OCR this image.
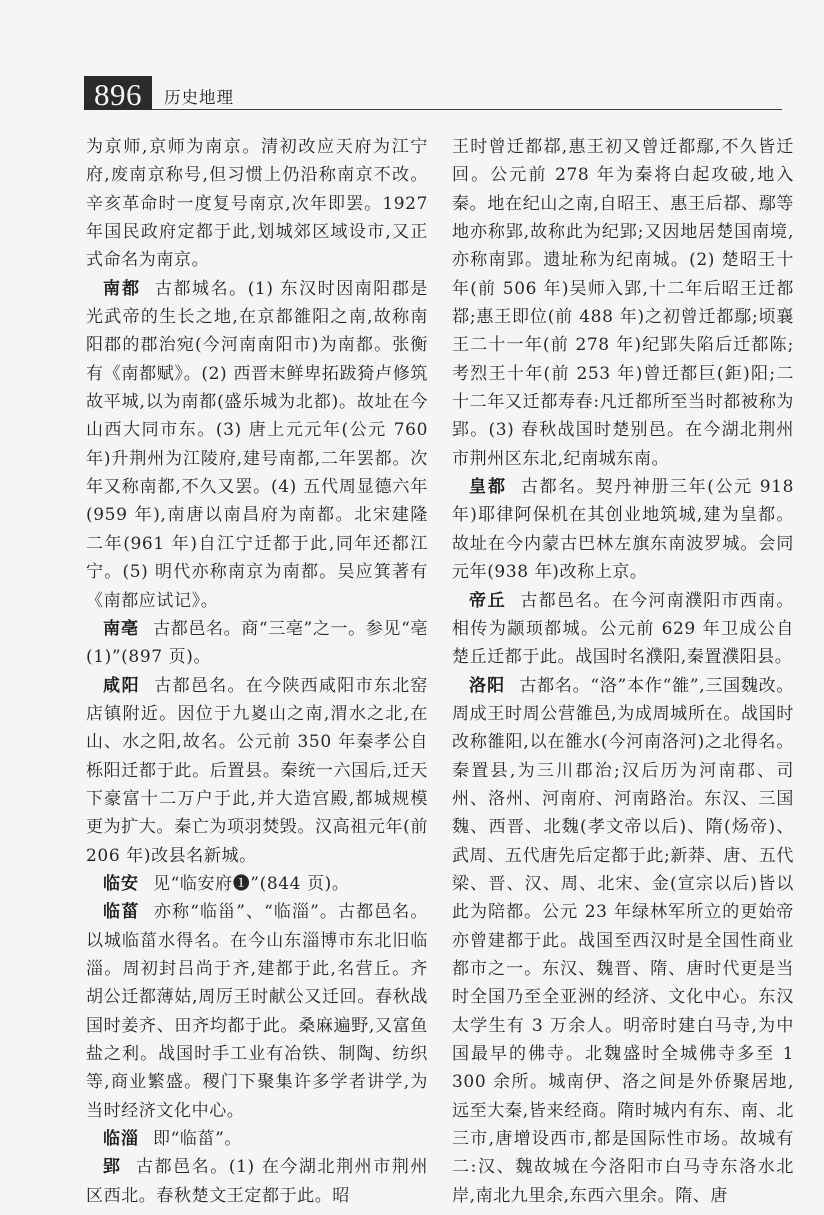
896	历史地理

为京师,京师为南京。清初改应天府为江宁府,废南京称号,但习惯上仍沿称南京不改。辛亥革命时一度复号南京,次年即罢。1927 年国民政府定都于此,划城郊区域设市,又正式命名为南京。

南都 古都城名。(1) 东汉时因南阳郡是光武帝的生长之地,在京都雒阳之南,故称南阳郡的郡治宛(今河南南阳市)为南都。张衡有《南都赋》。(2) 西晋末鲜卑拓跋猗卢修筑故平城,以为南都(盛乐城为北都)。故址在今山西大同市东。(3) 唐上元元年(公元 760 年)升荆州为江陵府,建号南都,二年罢都。次年又称南都,不久又罢。(4) 五代周显德六年(959 年),南唐以南昌府为南都。北宋建隆二年(961 年)自江宁迁都于此,同年还都江宁。(5) 明代亦称南京为南都。吴应箕著有《南都应试记》。

南亳 古都邑名。商“三亳”之一。参见“亳(1)”(897 页)。

咸阳 古都邑名。在今陕西咸阳市东北窑店镇附近。因位于九嵏山之南,渭水之北,在山、水之阳,故名。公元前 350 年秦孝公自栎阳迁都于此。后置县。秦统一六国后,迁天下豪富十二万户于此,并大造宫殿,都城规模更为扩大。秦亡为项羽焚毁。汉高祖元年(前 206 年)改县名新城。

临安 见“临安府❶”(844 页)。

临菑 亦称“临甾”、“临淄”。古都邑名。以城临菑水得名。在今山东淄博市东北旧临淄。周初封吕尚于齐,建都于此,名营丘。齐胡公迁都薄姑,周厉王时献公又迁回。春秋战国时姜齐、田齐均都于此。桑麻遍野,又富鱼盐之利。战国时手工业有冶铁、制陶、纺织等,商业繁盛。稷门下聚集许多学者讲学,为当时经济文化中心。

临淄 即“临菑”。

郢 古都邑名。(1) 在今湖北荆州市荆州区西北。春秋楚文王定都于此。昭

王时曾迁都鄀,惠王初又曾迁都鄢,不久皆迁回。公元前 278 年为秦将白起攻破,地入秦。地在纪山之南,自昭王、惠王后鄀、鄢等地亦称郢,故称此为纪郢;又因地居楚国南境,亦称南郢。遗址称为纪南城。(2) 楚昭王十年(前 506 年)吴师入郢,十二年后昭王迁都鄀;惠王即位(前 488 年)之初曾迁都鄢;顷襄王二十一年(前 278 年)纪郢失陷后迁都陈;考烈王十年(前 253 年)曾迁都巨(鉅)阳;二十二年又迁都寿春:凡迁都所至当时都被称为郢。(3) 春秋战国时楚别邑。在今湖北荆州市荆州区东北,纪南城东南。

皇都 古都名。契丹神册三年(公元 918 年)耶律阿保机在其创业地筑城,建为皇都。故址在今内蒙古巴林左旗东南波罗城。会同元年(938 年)改称上京。

帝丘 古都邑名。在今河南濮阳市西南。相传为颛顼都城。公元前 629 年卫成公自楚丘迁都于此。战国时名濮阳,秦置濮阳县。

洛阳 古都名。“洛”本作“雒”,三国魏改。周成王时周公营雒邑,为成周城所在。战国时改称雒阳,以在雒水(今河南洛河)之北得名。秦置县,为三川郡治;汉后历为河南郡、司州、洛州、河南府、河南路治。东汉、三国魏、西晋、北魏(孝文帝以后)、隋(炀帝)、武周、五代唐先后定都于此;新莽、唐、五代梁、晋、汉、周、北宋、金(宣宗以后)皆以此为陪都。公元 23 年绿林军所立的更始帝亦曾建都于此。战国至西汉时是全国性商业都市之一。东汉、魏晋、隋、唐时代更是当时全国乃至全亚洲的经济、文化中心。东汉太学生有 3 万余人。明帝时建白马寺,为中国最早的佛寺。北魏盛时全城佛寺多至 1 300 余所。城南伊、洛之间是外侨聚居地,远至大秦,皆来经商。隋时城内有东、南、北三市,唐增设西市,都是国际性市场。故城有二:汉、魏故城在今洛阳市白马寺东洛水北岸,南北九里余,东西六里余。隋、唐
